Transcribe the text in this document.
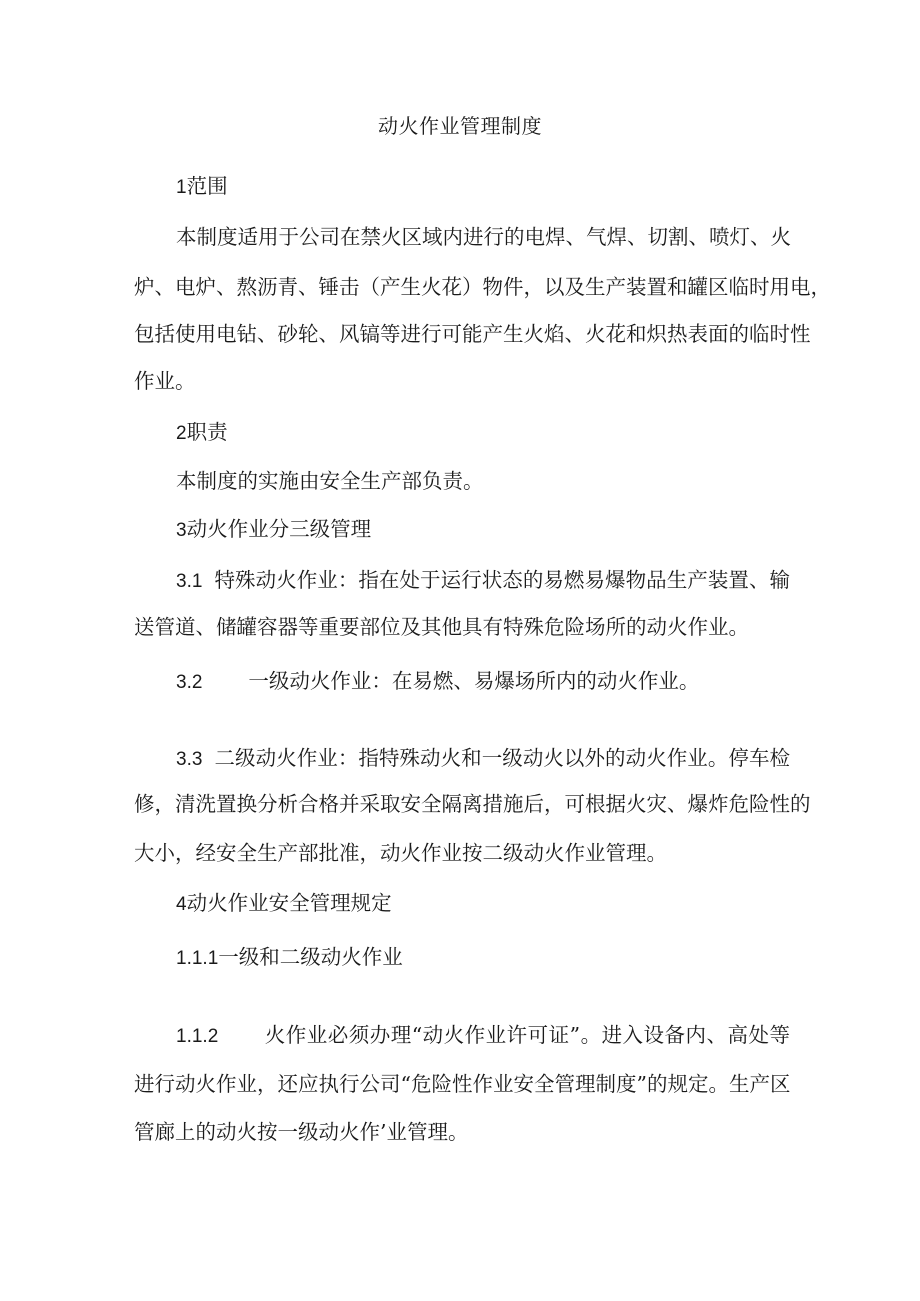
动火作业管理制度
1范围
本制度适用于公司在禁火区域内进行的电焊、气焊、切割、喷灯、火
炉、电炉、熬沥青、锤击（产生火花）物件，以及生产装置和罐区临时用电，
包括使用电钻、砂轮、风镐等进行可能产生火焰、火花和炽热表面的临时性
作业。
2职责
本制度的实施由安全生产部负责。
3动火作业分三级管理
3.1 特殊动火作业：指在处于运行状态的易燃易爆物品生产装置、输
送管道、储罐容器等重要部位及其他具有特殊危险场所的动火作业。
3.2 一级动火作业：在易燃、易爆场所内的动火作业。
3.3 二级动火作业：指特殊动火和一级动火以外的动火作业。停车检
修，清洗置换分析合格并采取安全隔离措施后，可根据火灾、爆炸危险性的
大小，经安全生产部批准，动火作业按二级动火作业管理。
4动火作业安全管理规定
1.1.1一级和二级动火作业
1.1.2 火作业必须办理“动火作业许可证”。进入设备内、高处等
进行动火作业，还应执行公司“危险性作业安全管理制度”的规定。生产区
管廊上的动火按一级动火作’业管理。
